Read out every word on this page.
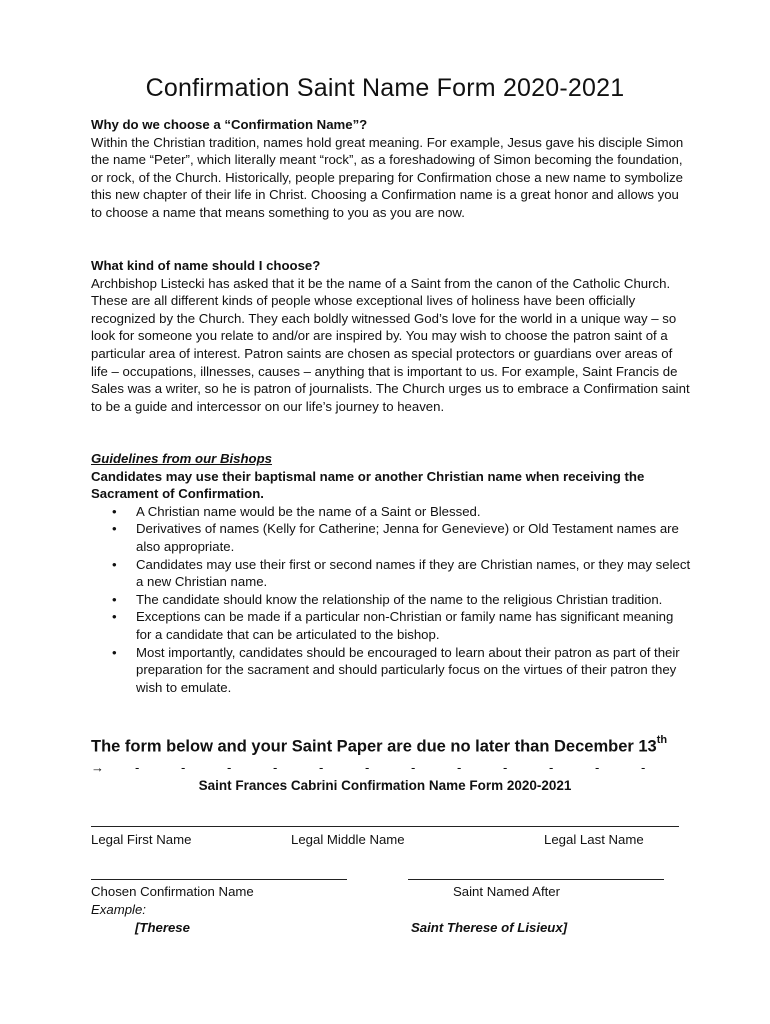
Confirmation Saint Name Form 2020-2021
Why do we choose a “Confirmation Name”?

Within the Christian tradition, names hold great meaning. For example, Jesus gave his disciple Simon the name “Peter”, which literally meant “rock”, as a foreshadowing of Simon becoming the foundation, or rock, of the Church. Historically, people preparing for Confirmation chose a new name to symbolize this new chapter of their life in Christ. Choosing a Confirmation name is a great honor and allows you to choose a name that means something to you as you are now.

What kind of name should I choose?

Archbishop Listecki has asked that it be the name of a Saint from the canon of the Catholic Church. These are all different kinds of people whose exceptional lives of holiness have been officially recognized by the Church. They each boldly witnessed God’s love for the world in a unique way – so look for someone you relate to and/or are inspired by. You may wish to choose the patron saint of a particular area of interest. Patron saints are chosen as special protectors or guardians over areas of life – occupations, illnesses, causes – anything that is important to us. For example, Saint Francis de Sales was a writer, so he is patron of journalists. The Church urges us to embrace a Confirmation saint to be a guide and intercessor on our life’s journey to heaven.

Guidelines from our Bishops
Candidates may use their baptismal name or another Christian name when receiving the Sacrament of Confirmation.
• A Christian name would be the name of a Saint or Blessed.
• Derivatives of names (Kelly for Catherine; Jenna for Genevieve) or Old Testament names are also appropriate.
• Candidates may use their first or second names if they are Christian names, or they may select a new Christian name.
• The candidate should know the relationship of the name to the religious Christian tradition.
• Exceptions can be made if a particular non-Christian or family name has significant meaning for a candidate that can be articulated to the bishop.
• Most importantly, candidates should be encouraged to learn about their patron as part of their preparation for the sacrament and should particularly focus on the virtues of their patron they wish to emulate.
The form below and your Saint Paper are due no later than December 13th
→ -	-	-	-	-	-	-	-	-	-	-	-
Saint Frances Cabrini Confirmation Name Form 2020-2021
Legal First Name	Legal Middle Name	Legal Last Name
Chosen Confirmation Name	Saint Named After
Example:
[Therese	Saint Therese of Lisieux]
